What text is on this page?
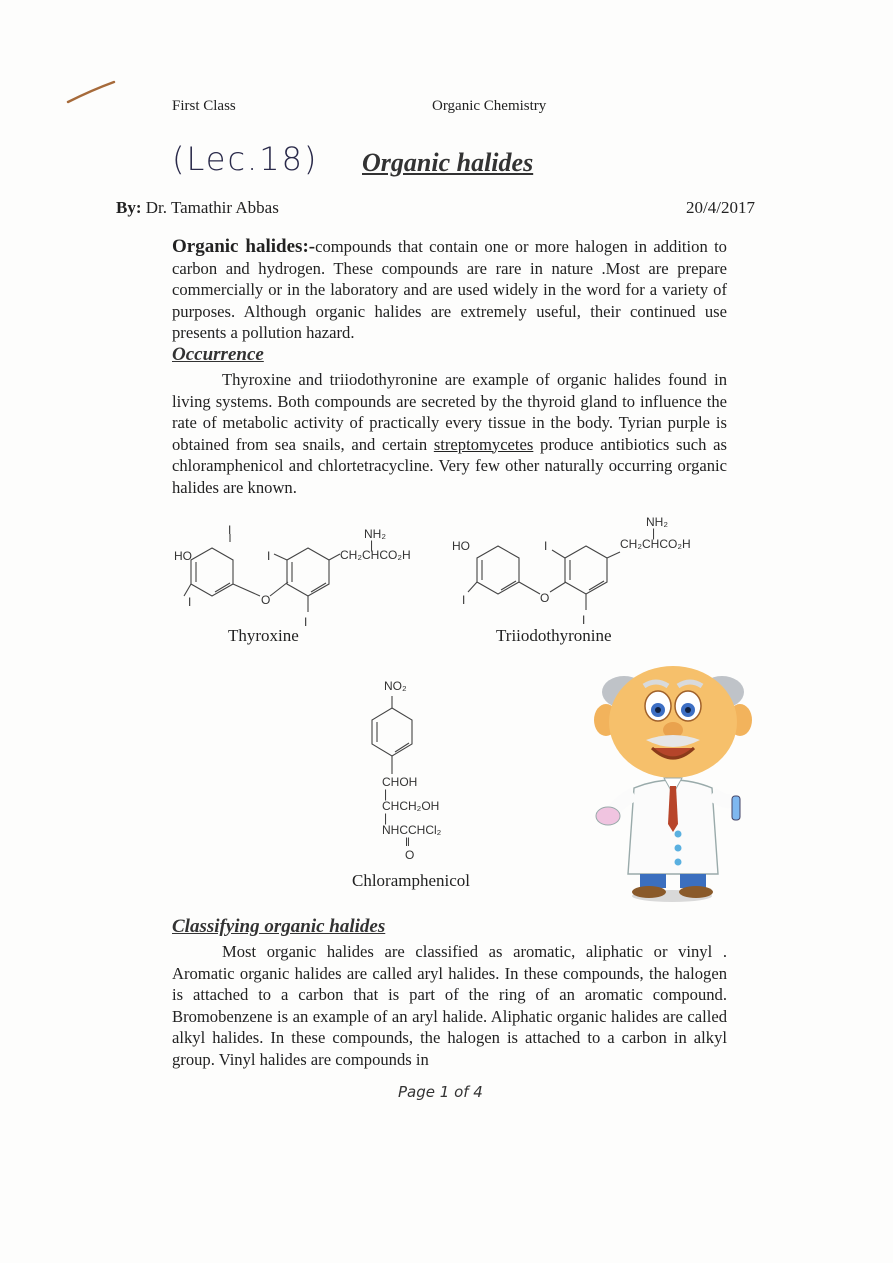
First Class	Organic Chemistry
(Lec.18) Organic halides
By: Dr. Tamathir Abbas	20/4/2017
Organic halides:-compounds that contain one or more halogen in addition to carbon and hydrogen. These compounds are rare in nature .Most are prepare commercially or in the laboratory and are used widely in the word for a variety of purposes. Although organic halides are extremely useful, their continued use presents a pollution hazard.
Occurrence
Thyroxine and triiodothyronine are example of organic halides found in living systems. Both compounds are secreted by the thyroid gland to influence the rate of metabolic activity of practically every tissue in the body. Tyrian purple is obtained from sea snails, and certain streptomycetes produce antibiotics such as chloramphenicol and chlortetracycline. Very few other naturally occurring organic halides are known.
HO
I
I	O
I
I
NH₂
|
CH₂CHCO₂H
Thyroxine
HO
I	O
I
I
NH₂
|
CH₂CHCO₂H
Triiodothyronine
NO₂
CHOH
|
CHCH₂OH
|
NHCCHCl₂
‖
O
Chloramphenicol
Classifying organic halides
Most organic halides are classified as aromatic, aliphatic or vinyl . Aromatic organic halides are called aryl halides. In these compounds, the halogen is attached to a carbon that is part of the ring of an aromatic compound. Bromobenzene is an example of an aryl halide. Aliphatic organic halides are called alkyl halides. In these compounds, the halogen is attached to a carbon in alkyl group. Vinyl halides are compounds in
Page 1 of 4
